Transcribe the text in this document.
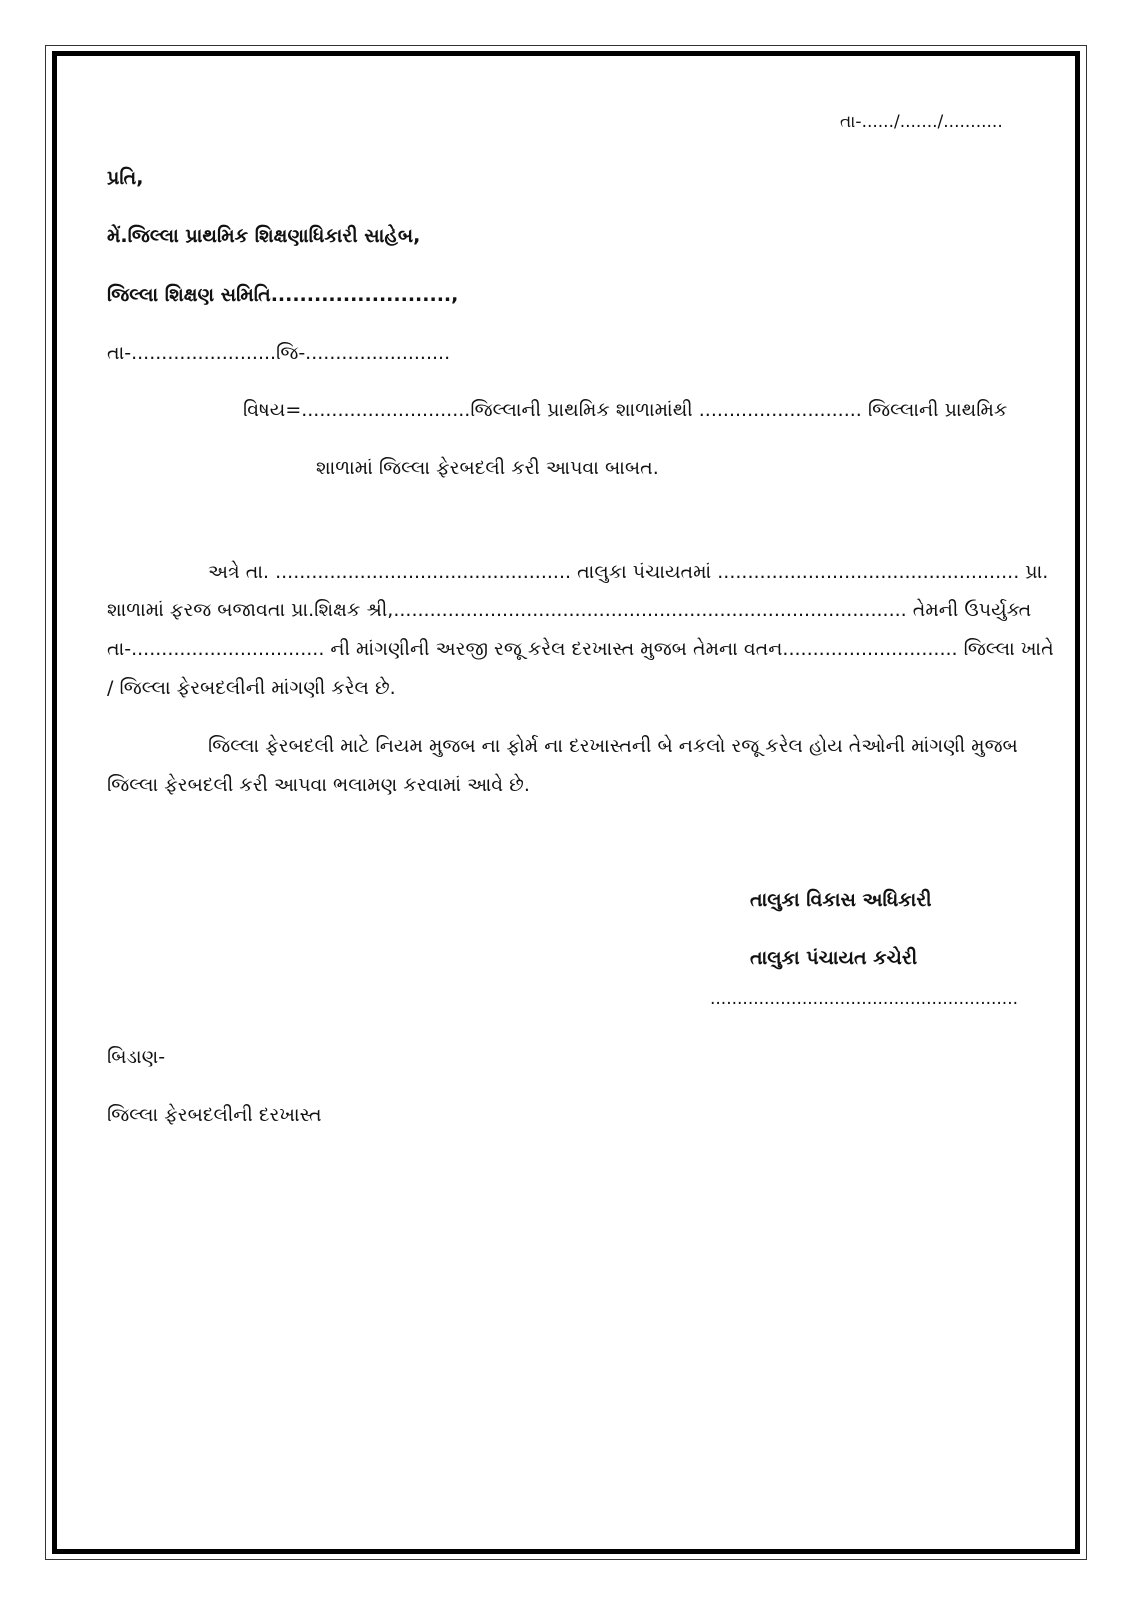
તા-....../......./...........
પ્રતિ,
મેં.જિલ્લા પ્રાથમિક શિક્ષણાધિકારી સાહેબ,
જિલ્લા શિક્ષણ સમિતિ.........................,
તા-........................જિ-........................
વિષય=............................જિલ્લાની પ્રાથમિક શાળામાંથી ........................... જિલ્લાની પ્રાથમિક
શાળામાં જિલ્લા ફેરબદલી કરી આપવા બાબત.
અત્રે તા. ................................................. તાલુકા પંચાયતમાં .................................................. પ્રા.
શાળામાં ફરજ બજાવતા પ્રા.શિક્ષક શ્રી,..................................................................................... તેમની ઉપર્યુક્ત
તા-................................ ની માંગણીની અરજી રજૂ કરેલ દરખાસ્ત મુજબ તેમના વતન............................. જિલ્લા ખાતે
/ જિલ્લા ફેરબદલીની માંગણી કરેલ છે.
જિલ્લા ફેરબદલી માટે નિયમ મુજબ ના ફોર્મ ના દરખાસ્તની બે નકલો રજૂ કરેલ હોય તેઓની માંગણી મુજબ
જિલ્લા ફેરબદલી કરી આપવા ભલામણ કરવામાં આવે છે.
તાલુકા વિકાસ અધિકારી
તાલુકા પંચાયત કચેરી
.........................................................
બિડાણ-
જિલ્લા ફેરબદલીની દરખાસ્ત
